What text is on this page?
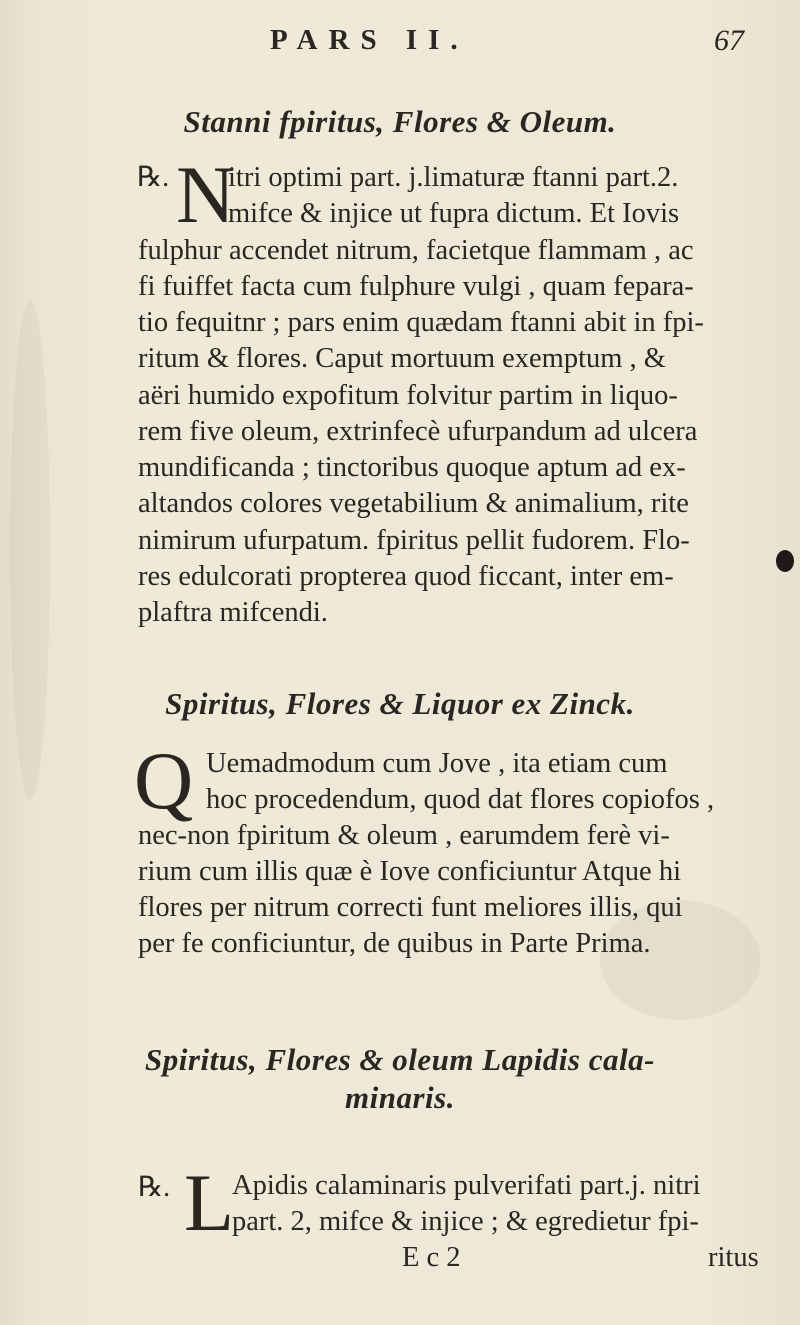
PARS II.	67
Stanni fpiritus, Flores & Oleum.
℞. N
itri optimi part. j.limaturæ ftanni part.2.
mifce & injice ut fupra dictum. Et Iovis
fulphur accendet nitrum, facietque flammam , ac
fi fuiffet facta cum fulphure vulgi , quam fepara-
tio fequitnr ; pars enim quædam ftanni abit in fpi-
ritum & flores. Caput mortuum exemptum , &
aëri humido expofitum folvitur partim in liquo-
rem five oleum, extrinfecè ufurpandum ad ulcera
mundificanda ; tinctoribus quoque aptum ad ex-
altandos colores vegetabilium & animalium, rite
nimirum ufurpatum. fpiritus pellit fudorem. Flo-
res edulcorati propterea quod ficcant, inter em-
plaftra mifcendi.
Spiritus, Flores & Liquor ex Zinck.
Q Uemadmodum cum Jove , ita etiam cum
hoc procedendum, quod dat flores copiofos ,
nec-non fpiritum & oleum , earumdem ferè vi-
rium cum illis quæ è Iove conficiuntur Atque hi
flores per nitrum correcti funt meliores illis, qui
per fe conficiuntur, de quibus in Parte Prima.
Spiritus, Flores & oleum Lapidis cala-
minaris.
℞. L
Apidis calaminaris pulverifati part.j. nitri
part. 2, mifce & injice ; & egredietur fpi-
E c 2	ritus
